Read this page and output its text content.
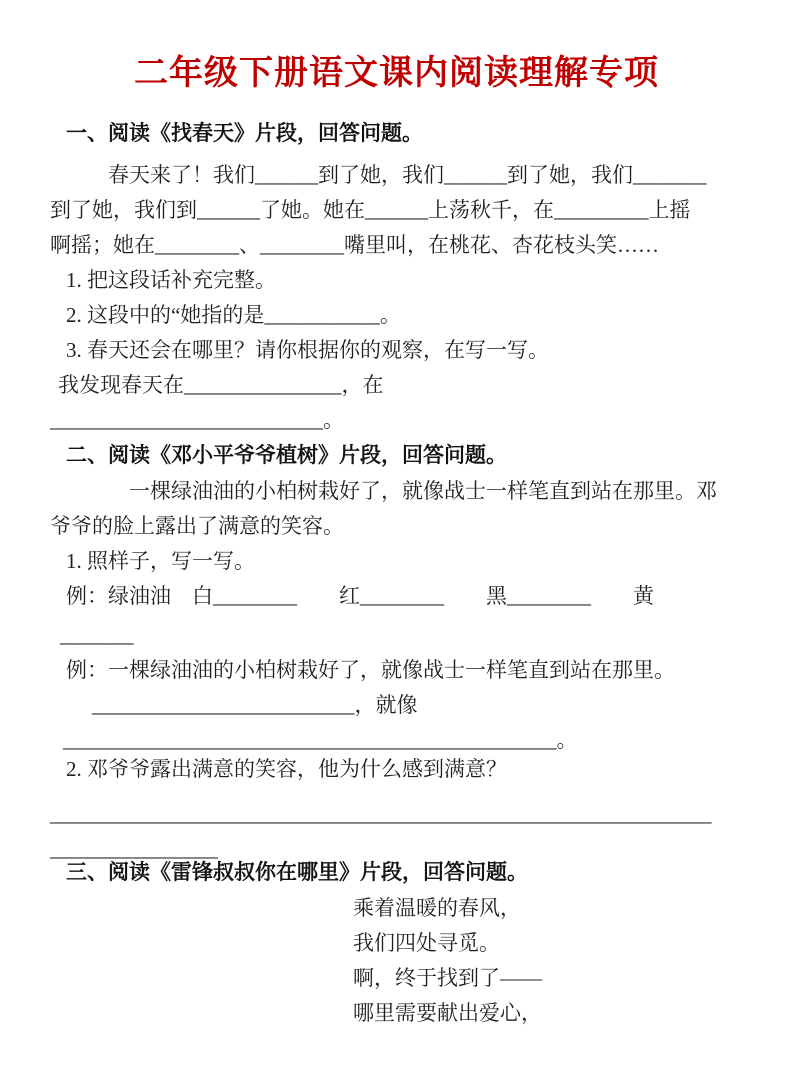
二年级下册语文课内阅读理解专项
一、阅读《找春天》片段，回答问题。
春天来了！我们______到了她，我们______到了她，我们_______
到了她，我们到______了她。她在______上荡秋千，在_________上摇
啊摇；她在________、________嘴里叫，在桃花、杏花枝头笑……
1. 把这段话补充完整。
2. 这段中的“她指的是___________。
3. 春天还会在哪里？请你根据你的观察，在写一写。
我发现春天在_______________，在
__________________________。
二、阅读《邓小平爷爷植树》片段，回答问题。
一棵绿油油的小柏树栽好了，就像战士一样笔直到站在那里。邓
爷爷的脸上露出了满意的笑容。
1. 照样子，写一写。
例：绿油油　白________　　红________　　黑________　　黄
_______
例：一棵绿油油的小柏树栽好了，就像战士一样笔直到站在那里。
_________________________，就像
_______________________________________________。
2. 邓爷爷露出满意的笑容，他为什么感到满意？
_______________________________________________________________
________________
三、阅读《雷锋叔叔你在哪里》片段，回答问题。
乘着温暖的春风，
我们四处寻觅。
啊，终于找到了——
哪里需要献出爱心，
